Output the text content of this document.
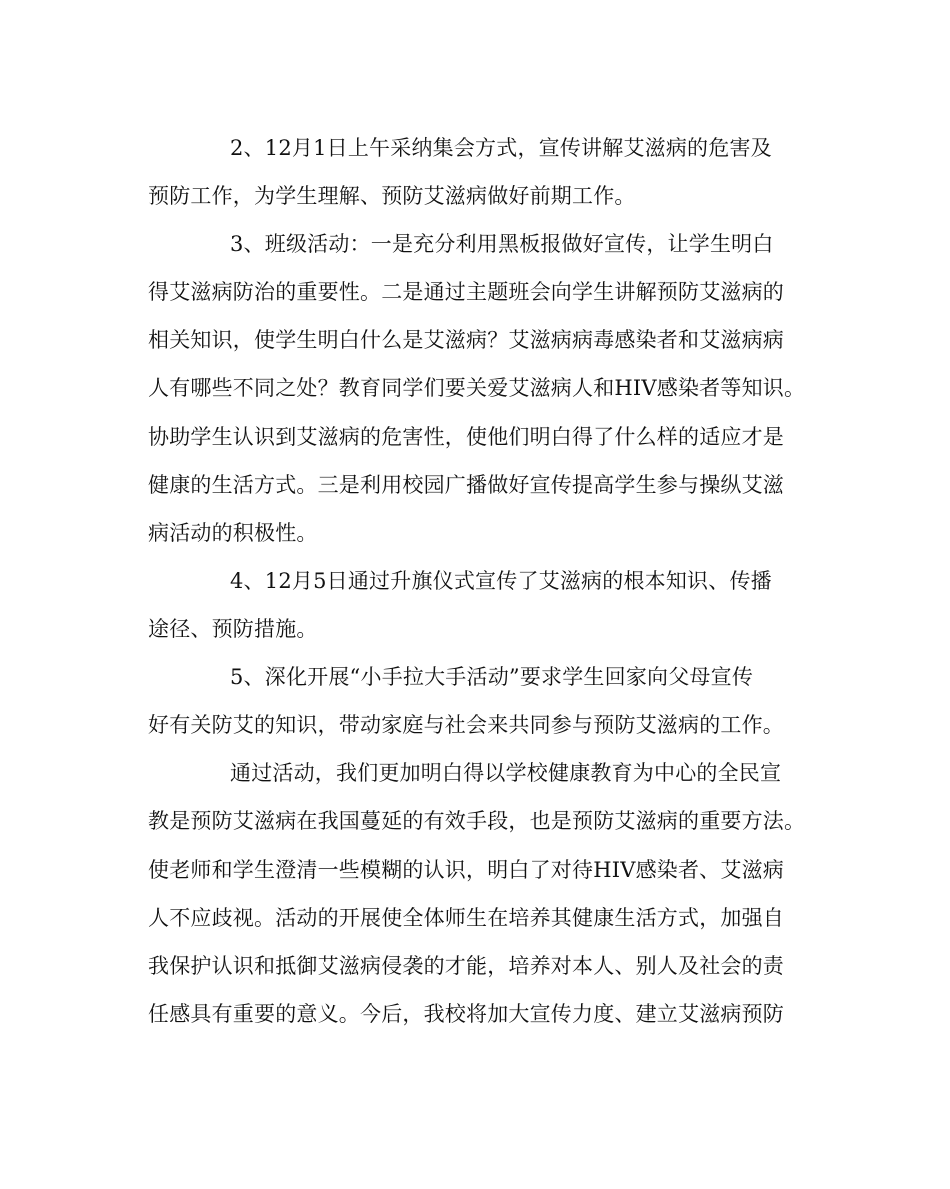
2、12月1日上午采纳集会方式，宣传讲解艾滋病的危害及
预防工作，为学生理解、预防艾滋病做好前期工作。
3、班级活动：一是充分利用黑板报做好宣传，让学生明白
得艾滋病防治的重要性。二是通过主题班会向学生讲解预防艾滋病的
相关知识，使学生明白什么是艾滋病？艾滋病病毒感染者和艾滋病病
人有哪些不同之处？教育同学们要关爱艾滋病人和HIV感染者等知识。
协助学生认识到艾滋病的危害性，使他们明白得了什么样的适应才是
健康的生活方式。三是利用校园广播做好宣传提高学生参与操纵艾滋
病活动的积极性。
4、12月5日通过升旗仪式宣传了艾滋病的根本知识、传播
途径、预防措施。
5、深化开展“小手拉大手活动”要求学生回家向父母宣传
好有关防艾的知识，带动家庭与社会来共同参与预防艾滋病的工作。
通过活动，我们更加明白得以学校健康教育为中心的全民宣
教是预防艾滋病在我国蔓延的有效手段，也是预防艾滋病的重要方法。
使老师和学生澄清一些模糊的认识，明白了对待HIV感染者、艾滋病
人不应歧视。活动的开展使全体师生在培养其健康生活方式，加强自
我保护认识和抵御艾滋病侵袭的才能，培养对本人、别人及社会的责
任感具有重要的意义。今后，我校将加大宣传力度、建立艾滋病预防
